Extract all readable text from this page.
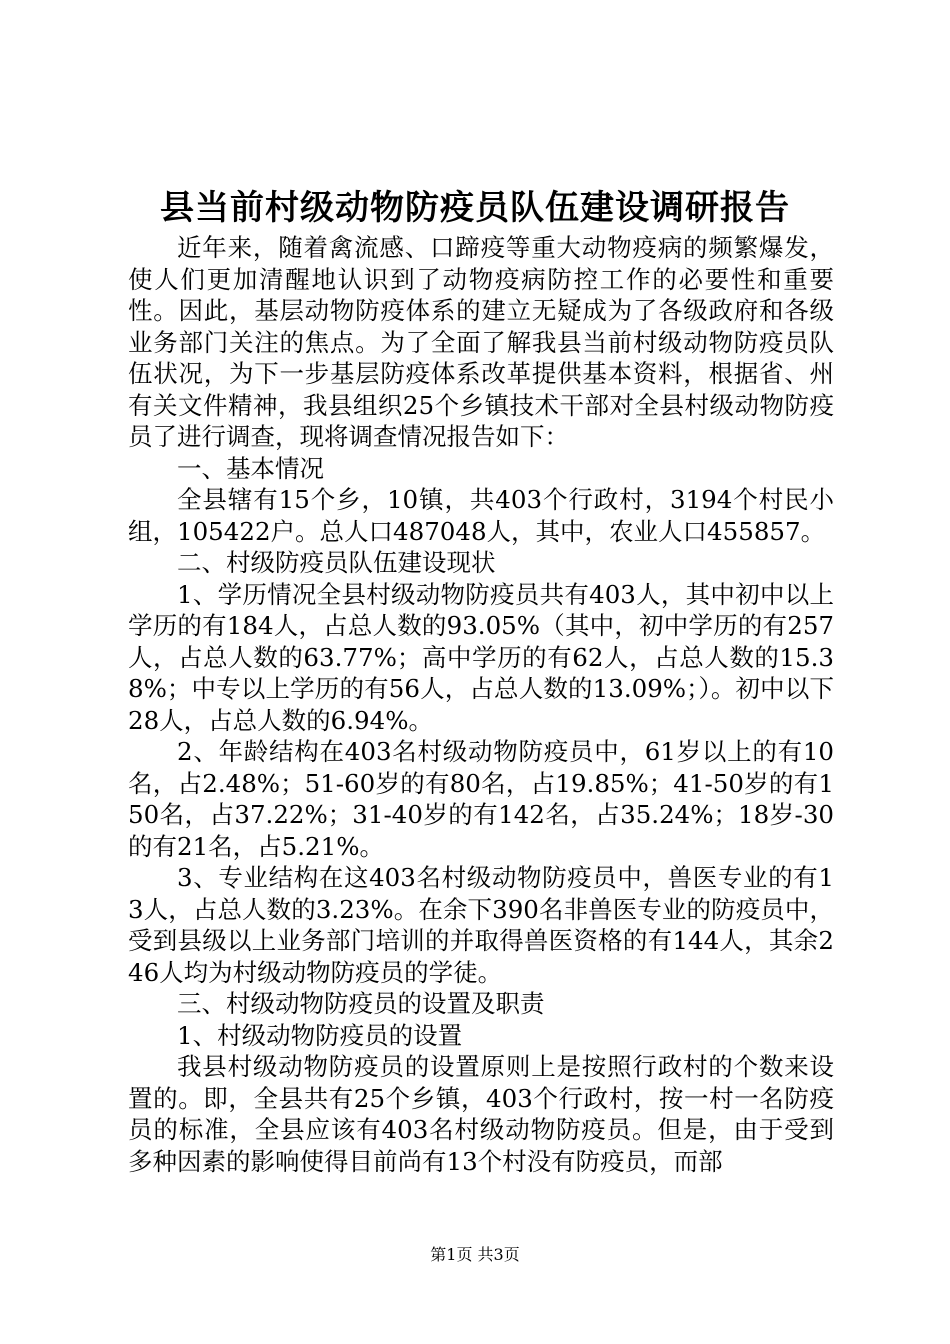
县当前村级动物防疫员队伍建设调研报告

近年来，随着禽流感、口蹄疫等重大动物疫病的频繁爆发，使人们更加清醒地认识到了动物疫病防控工作的必要性和重要性。因此，基层动物防疫体系的建立无疑成为了各级政府和各级业务部门关注的焦点。为了全面了解我县当前村级动物防疫员队伍状况，为下一步基层防疫体系改革提供基本资料，根据省、州有关文件精神，我县组织25个乡镇技术干部对全县村级动物防疫员了进行调查，现将调查情况报告如下：

一、基本情况

全县辖有15个乡，10镇，共403个行政村，3194个村民小组，105422户。总人口487048人，其中，农业人口455857。

二、村级防疫员队伍建设现状

1、学历情况全县村级动物防疫员共有403人，其中初中以上学历的有184人，占总人数的93.05%（其中，初中学历的有257人，占总人数的63.77%；高中学历的有62人，占总人数的15.38%；中专以上学历的有56人，占总人数的13.09%；）。初中以下28人，占总人数的6.94%。

2、年龄结构在403名村级动物防疫员中，61岁以上的有10名，占2.48%；51-60岁的有80名，占19.85%；41-50岁的有150名，占37.22%；31-40岁的有142名，占35.24%；18岁-30的有21名，占5.21%。

3、专业结构在这403名村级动物防疫员中，兽医专业的有13人，占总人数的3.23%。在余下390名非兽医专业的防疫员中，受到县级以上业务部门培训的并取得兽医资格的有144人，其余246人均为村级动物防疫员的学徒。

三、村级动物防疫员的设置及职责

1、村级动物防疫员的设置

我县村级动物防疫员的设置原则上是按照行政村的个数来设置的。即，全县共有25个乡镇，403个行政村，按一村一名防疫员的标准，全县应该有403名村级动物防疫员。但是，由于受到多种因素的影响使得目前尚有13个村没有防疫员，而部

第1页 共3页
